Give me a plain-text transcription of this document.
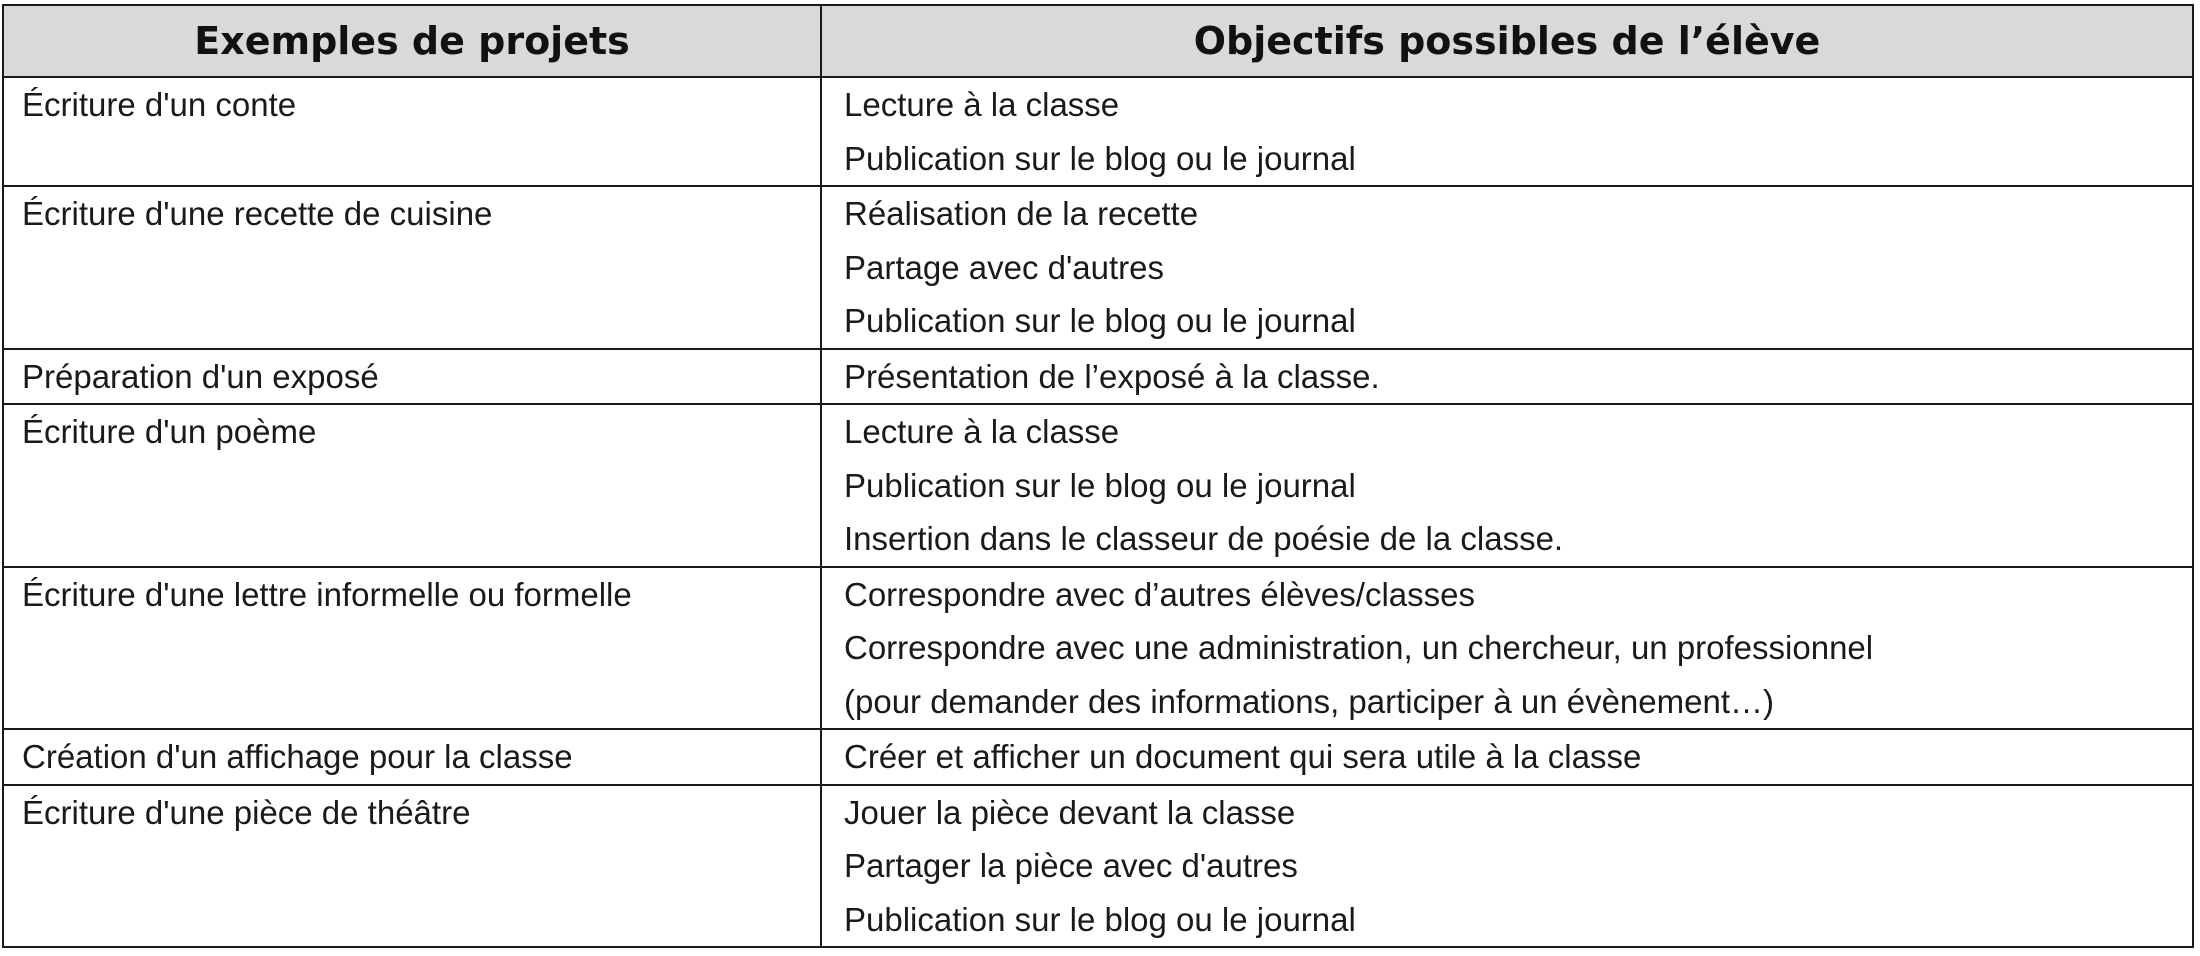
Exemples de projets	Objectifs possibles de l’élève

Écriture d'un conte	Lecture à la classe
Publication sur le blog ou le journal

Écriture d'une recette de cuisine	Réalisation de la recette
Partage avec d'autres
Publication sur le blog ou le journal

Préparation d'un exposé	Présentation de l’exposé à la classe.

Écriture d'un poème	Lecture à la classe
Publication sur le blog ou le journal
Insertion dans le classeur de poésie de la classe.

Écriture d'une lettre informelle ou formelle	Correspondre avec d’autres élèves/classes
Correspondre avec une administration, un chercheur, un professionnel
(pour demander des informations, participer à un évènement…)

Création d'un affichage pour la classe	Créer et afficher un document qui sera utile à la classe

Écriture d'une pièce de théâtre	Jouer la pièce devant la classe
Partager la pièce avec d'autres
Publication sur le blog ou le journal
